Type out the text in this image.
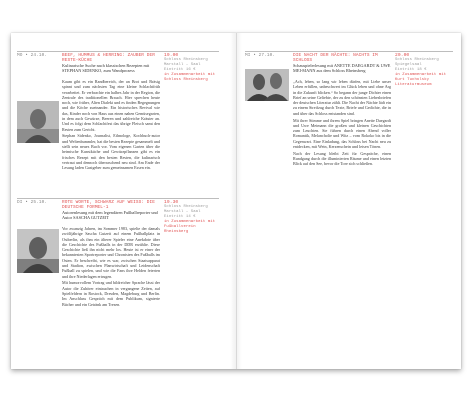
MO • 24.10.	BEEF, HUMMUS & HERRING: ZAUBER DER RESTE-KÜCHE
Kulinarische Suche nach klassischen Rezepten mit STEPHAN SIDENKO, zum Wandprozess

Kaum gibt es ein Randbereich, der an Brot und Bräsig spinnt und zum nächsten Tag eine kleine Schlachtfrüh verarbeitet. Er verbrachte ein halbes Jahr in der Region, die Zentrale des traditionellen Brauch. Hier sprechen heute noch, wie früher, Alten Dialekt und es finden Begegnungen und die Köche zueinander. Ein historisches Revival wie das, Kinder noch von Haus aus einen nahen Gemüsegarten, in dem auch Gewürze, Beeren und zahlreiche Kräuter an. Und es folgt dem Schlachtfest das übrige Fleisch samt den Resten zum Gericht.

Stephan Sidenko, Journalist, Ethnologe, Kochbuch-autor und Weltenbummler, hat die besten Rezepte gesammelt und stellt sein neues Buch vor. Vom eigenen Garten über die heimische Kunstküche und Gewürzpflanzen gibt es ein frisches Rezept mit den besten Resten, die kulinarisch vertraut und dennoch überraschend neu sind. Am Ende der Lesung laden Gastgeber zum gemeinsamen Essen ein.

19.00
Schloss Rheinsberg
Marstall – Saal
Eintritt 16 €
in Zusammenarbeit mit
Schloss Rheinsberg
DI • 25.10.	ROTE WORTE, SCHWARZ AUF WEISS: DIE DEUTSCHE FORMEL-1
Autorenlesung mit dem legendären Fußballreporter und Autor SASCHA GUTZEIT

Vor zwanzig Jahren, im Sommer 1983, spielte der damals zwölfjährige Sascha Gutzeit auf einem Fußballplatz in Ostberlin, als ihm ein älterer Spieler eine Anekdote über die Geschichte des Fußballs in der DDR erzählte. Diese Geschichte ließ ihn nicht mehr los. Heute ist er einer der bekanntesten Sportreporter und Chronisten des Fußballs im Osten. Er beschreibt, wie es war, zwischen Staatsapparat und Stadion, zwischen Planwirtschaft und Leidenschaft Fußball zu spielen, und wie die Fans ihre Helden feierten und ihre Niederlagen ertrugen.

Mit humorvollem Vortrag und bildreicher Sprache lässt der Autor die Zuhörer eintauchen in vergangene Zeiten, auf Spielfeldern in Rostock, Dresden, Magdeburg und Berlin. Im Anschluss Gespräch mit dem Publikum, signierte Bücher und ein Getränk am Tresen.

19.30
Schloss Rheinsberg
Marstall – Saal
Eintritt 14 €
in Zusammenarbeit mit
Fußballverein Rheinsberg
MI • 27.10.	DIE NACHT DER NÄCHTE: NACHTS IM SCHLOSS
Schauspielerlesung mit ANETTE DAEGARDT & UWE MEI-MANN aus dem Schloss Rheinsberg

„Ach, leben, so lang wir leben dürfen, mit Liebe unser Leben erfüllen, unbeschwert im Glück leben und ohne Arg in die Zukunft blicken.“ So begann der junge Dichter einen Brief an seine Geliebte, der zu den schönsten Liebesbriefen der deutschen Literatur zählt. Die Nacht der Nächte lädt ein zu einem Streifzug durch Texte, Briefe und Gedichte, die in und über das Schloss entstanden sind.

Mit ihrer Stimme und ihrem Spiel bringen Anette Daegardt und Uwe Meimann die großen und kleinen Geschichten zum Leuchten. Sie führen durch einen Abend voller Romantik, Melancholie und Witz – vom Rokoko bis in die Gegenwart. Eine Einladung, das Schloss bei Nacht neu zu entdecken, mit Wein, Kerzenschein und leisen Tönen.

Nach der Lesung bleibt Zeit für Gespräche, einen Rundgang durch die illuminierten Räume und einen letzten Blick auf den See, bevor die Tore sich schließen.

20.00
Schloss Rheinsberg
Spiegelsaal
Eintritt 18 €
in Zusammenarbeit mit
Kurt Tucholsky Literaturmuseum
